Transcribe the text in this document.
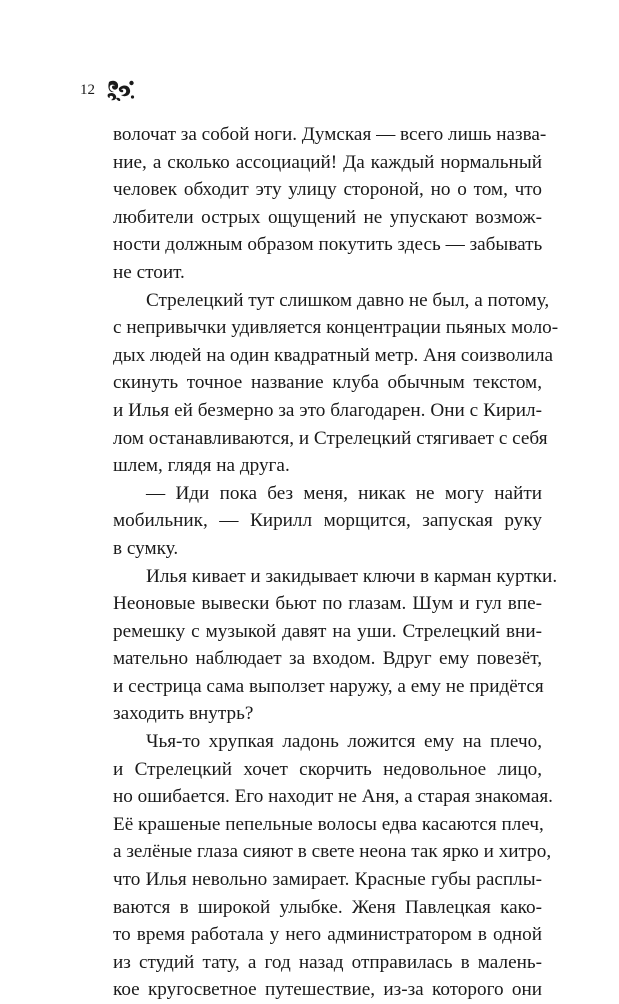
12

волочат за собой ноги. Думская — всего лишь назва-

ние, а сколько ассоциаций! Да каждый нормальный

человек обходит эту улицу стороной, но о том, что

любители острых ощущений не упускают возмож-

ности должным образом покутить здесь — забывать

не стоит.

Стрелецкий тут слишком давно не был, а потому,

с непривычки удивляется концентрации пьяных моло-

дых людей на один квадратный метр. Аня соизволила

скинуть точное название клуба обычным текстом,

и Илья ей безмерно за это благодарен. Они с Кирил-

лом останавливаются, и Стрелецкий стягивает с себя

шлем, глядя на друга.

— Иди пока без меня, никак не могу найти

мобильник, — Кирилл морщится, запуская руку

в сумку.

Илья кивает и закидывает ключи в карман куртки.

Неоновые вывески бьют по глазам. Шум и гул впе-

ремешку с музыкой давят на уши. Стрелецкий вни-

мательно наблюдает за входом. Вдруг ему повезёт,

и сестрица сама выползет наружу, а ему не придётся

заходить внутрь?

Чья-то хрупкая ладонь ложится ему на плечо,

и Стрелецкий хочет скорчить недовольное лицо,

но ошибается. Его находит не Аня, а старая знакомая.

Её крашеные пепельные волосы едва касаются плеч,

а зелёные глаза сияют в свете неона так ярко и хитро,

что Илья невольно замирает. Красные губы расплы-

ваются в широкой улыбке. Женя Павлецкая како-

то время работала у него администратором в одной

из студий тату, а год назад отправилась в малень-

кое кругосветное путешествие, из-за которого они
